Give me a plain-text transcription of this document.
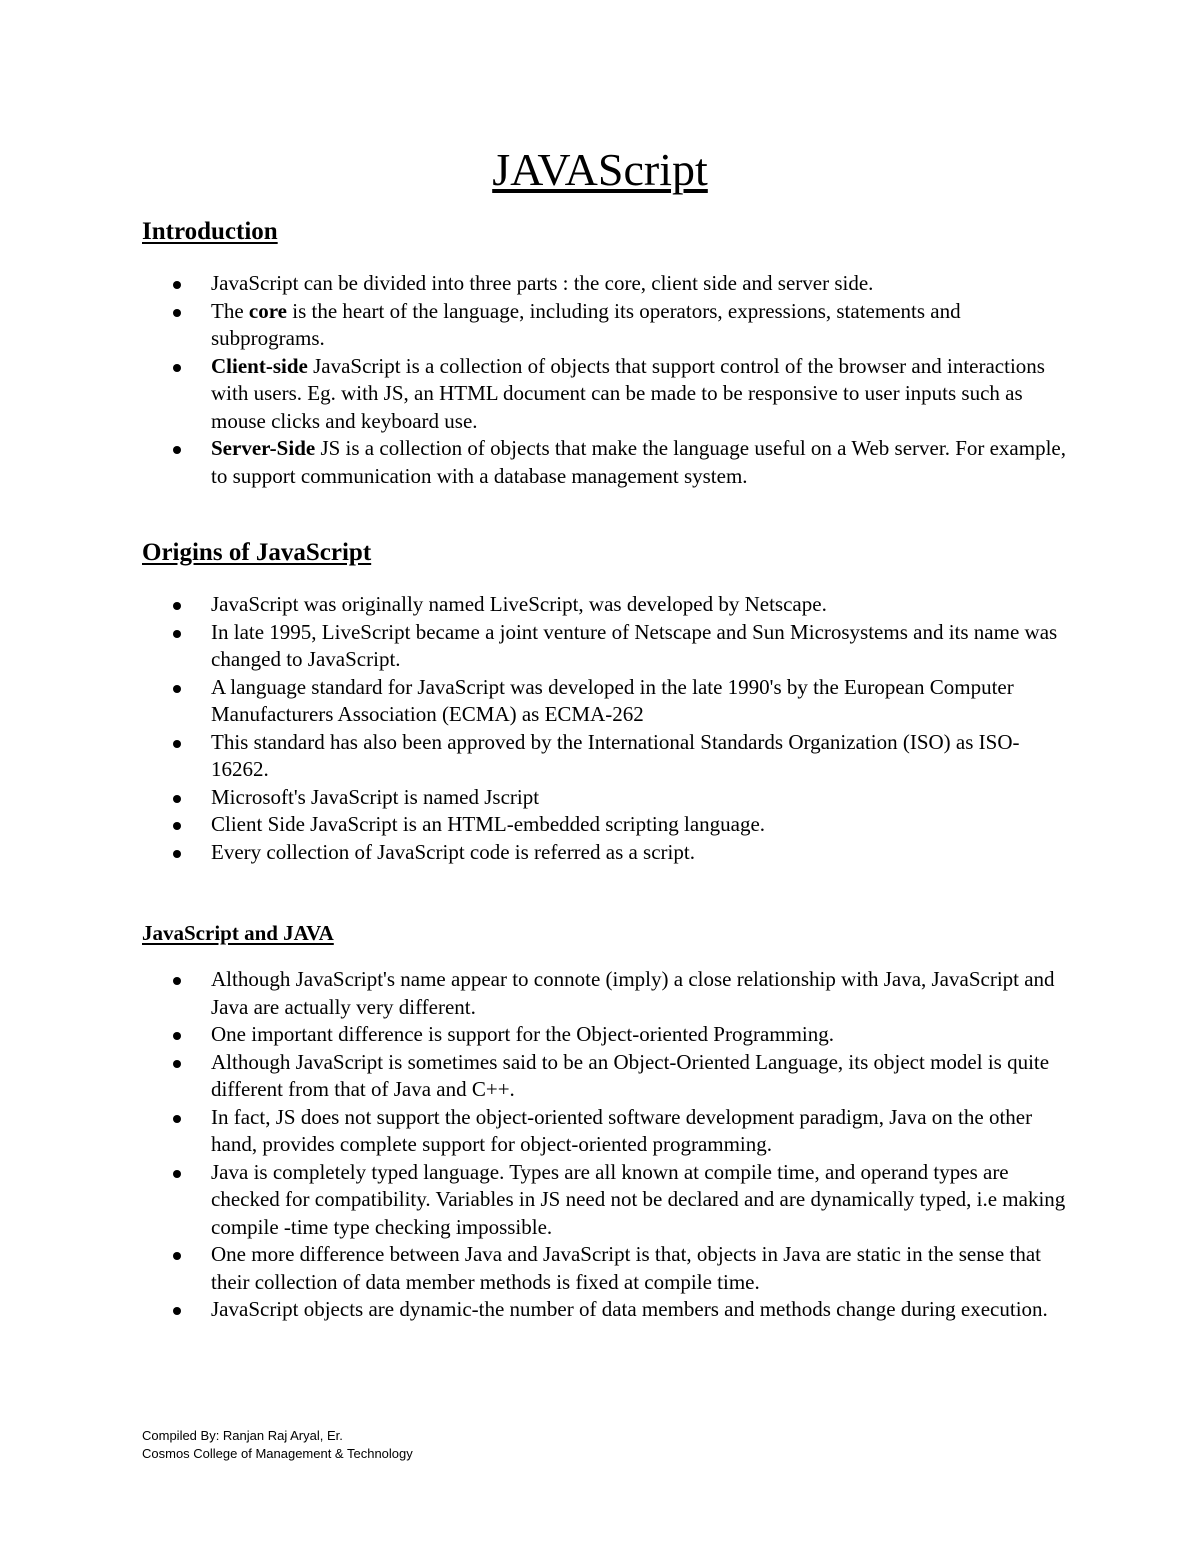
JAVAScript
Introduction
JavaScript can be divided into three parts : the core, client side and server side.
The core is the heart of the language, including its operators, expressions, statements and subprograms.
Client-side JavaScript is a collection of objects that support control of the browser and interactions with users. Eg. with JS, an HTML document can be made to be responsive to user inputs such as mouse clicks and keyboard use.
Server-Side JS is a collection of objects that make the language useful on a Web server. For example, to support communication with a database management system.
Origins of JavaScript
JavaScript was originally named LiveScript, was developed by Netscape.
In late 1995, LiveScript became a joint venture of Netscape and Sun Microsystems and its name was changed to JavaScript.
A language standard for JavaScript was developed in the late 1990's by the European Computer Manufacturers Association (ECMA) as ECMA-262
This standard has also been approved by the International Standards Organization (ISO) as ISO-16262.
Microsoft's JavaScript is named Jscript
Client Side JavaScript is an HTML-embedded scripting language.
Every collection of JavaScript code is referred as a script.
JavaScript and JAVA
Although JavaScript's name appear to connote (imply) a close relationship with Java, JavaScript and Java are actually very different.
One important difference is support for the Object-oriented Programming.
Although JavaScript is sometimes said to be an Object-Oriented Language, its object model is quite different from that of Java and C++.
In fact, JS does not support the object-oriented software development paradigm, Java on the other hand, provides complete support for object-oriented programming.
Java is completely typed language. Types are all known at compile time, and operand types are checked for compatibility. Variables in JS need not be declared and are dynamically typed, i.e making compile -time type checking impossible.
One more difference between Java and JavaScript is that, objects in Java are static in the sense that their collection of data member methods is fixed at compile time.
JavaScript objects are dynamic-the number of data members and methods change during execution.
Compiled By: Ranjan Raj Aryal, Er.
Cosmos College of Management & Technology
